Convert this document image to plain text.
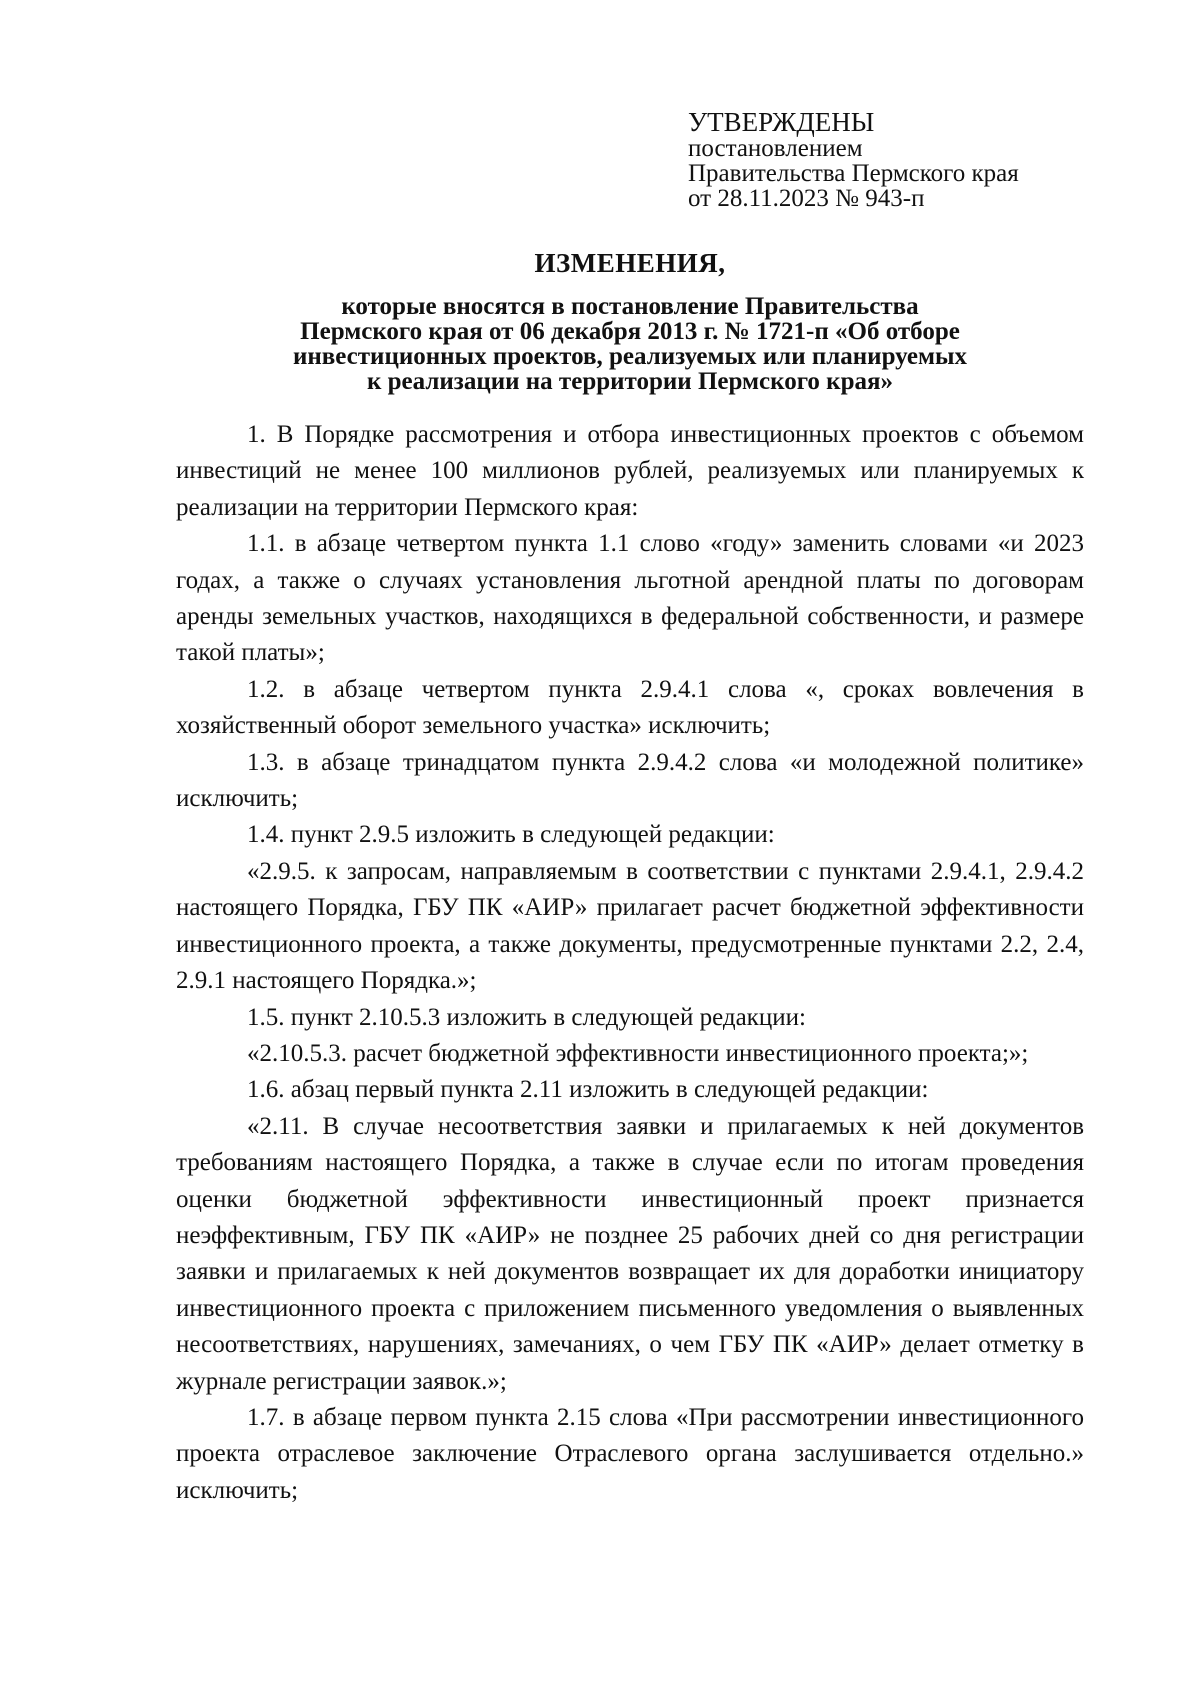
УТВЕРЖДЕНЫ
постановлением
Правительства Пермского края
от 28.11.2023 № 943-п
ИЗМЕНЕНИЯ,
которые вносятся в постановление Правительства
Пермского края от 06 декабря 2013 г. № 1721-п «Об отборе
инвестиционных проектов, реализуемых или планируемых
к реализации на территории Пермского края»

1. В Порядке рассмотрения и отбора инвестиционных проектов с объемом инвестиций не менее 100 миллионов рублей, реализуемых или планируемых к реализации на территории Пермского края:

1.1. в абзаце четвертом пункта 1.1 слово «году» заменить словами «и 2023 годах, а также о случаях установления льготной арендной платы по договорам аренды земельных участков, находящихся в федеральной собственности, и размере такой платы»;

1.2. в абзаце четвертом пункта 2.9.4.1 слова «, сроках вовлечения в хозяйственный оборот земельного участка» исключить;

1.3. в абзаце тринадцатом пункта 2.9.4.2 слова «и молодежной политике» исключить;

1.4. пункт 2.9.5 изложить в следующей редакции:

«2.9.5. к запросам, направляемым в соответствии с пунктами 2.9.4.1, 2.9.4.2 настоящего Порядка, ГБУ ПК «АИР» прилагает расчет бюджетной эффективности инвестиционного проекта, а также документы, предусмотренные пунктами 2.2, 2.4, 2.9.1 настоящего Порядка.»;

1.5. пункт 2.10.5.3 изложить в следующей редакции:

«2.10.5.3. расчет бюджетной эффективности инвестиционного проекта;»;

1.6. абзац первый пункта 2.11 изложить в следующей редакции:

«2.11. В случае несоответствия заявки и прилагаемых к ней документов требованиям настоящего Порядка, а также в случае если по итогам проведения оценки бюджетной эффективности инвестиционный проект признается неэффективным, ГБУ ПК «АИР» не позднее 25 рабочих дней со дня регистрации заявки и прилагаемых к ней документов возвращает их для доработки инициатору инвестиционного проекта с приложением письменного уведомления о выявленных несоответствиях, нарушениях, замечаниях, о чем ГБУ ПК «АИР» делает отметку в журнале регистрации заявок.»;

1.7. в абзаце первом пункта 2.15 слова «При рассмотрении инвестиционного проекта отраслевое заключение Отраслевого органа заслушивается отдельно.» исключить;
